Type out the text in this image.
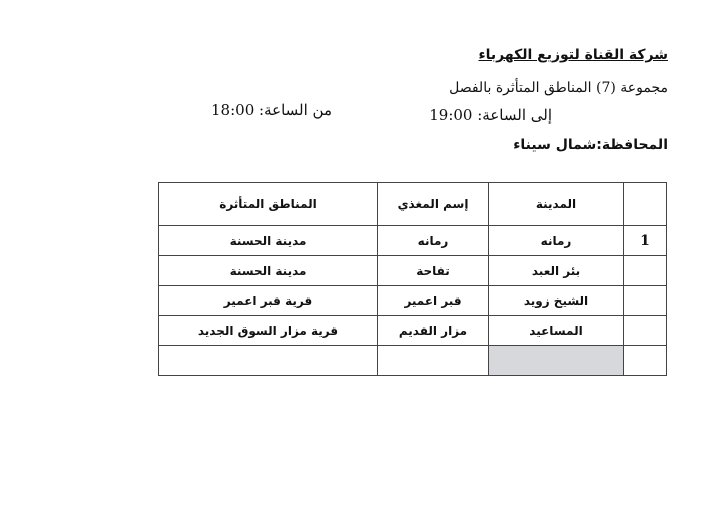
شركة القناة لتوزيع الكهرباء
مجموعة (7) المناطق المتأثرة بالفصل
من الساعة: 18:00	إلى الساعة: 19:00
المحافظة:شمال سيناء
	المدينة	إسم المغذي	المناطق المتأثرة
1	رمانه	رمانه	مدينة الحسنة
	بئر العبد	تفاحة	مدينة الحسنة
	الشيخ زويد	قبر اعمير	قرية قبر اعمير
	المساعيد	مزار القديم	قرية مزار السوق الجديد
